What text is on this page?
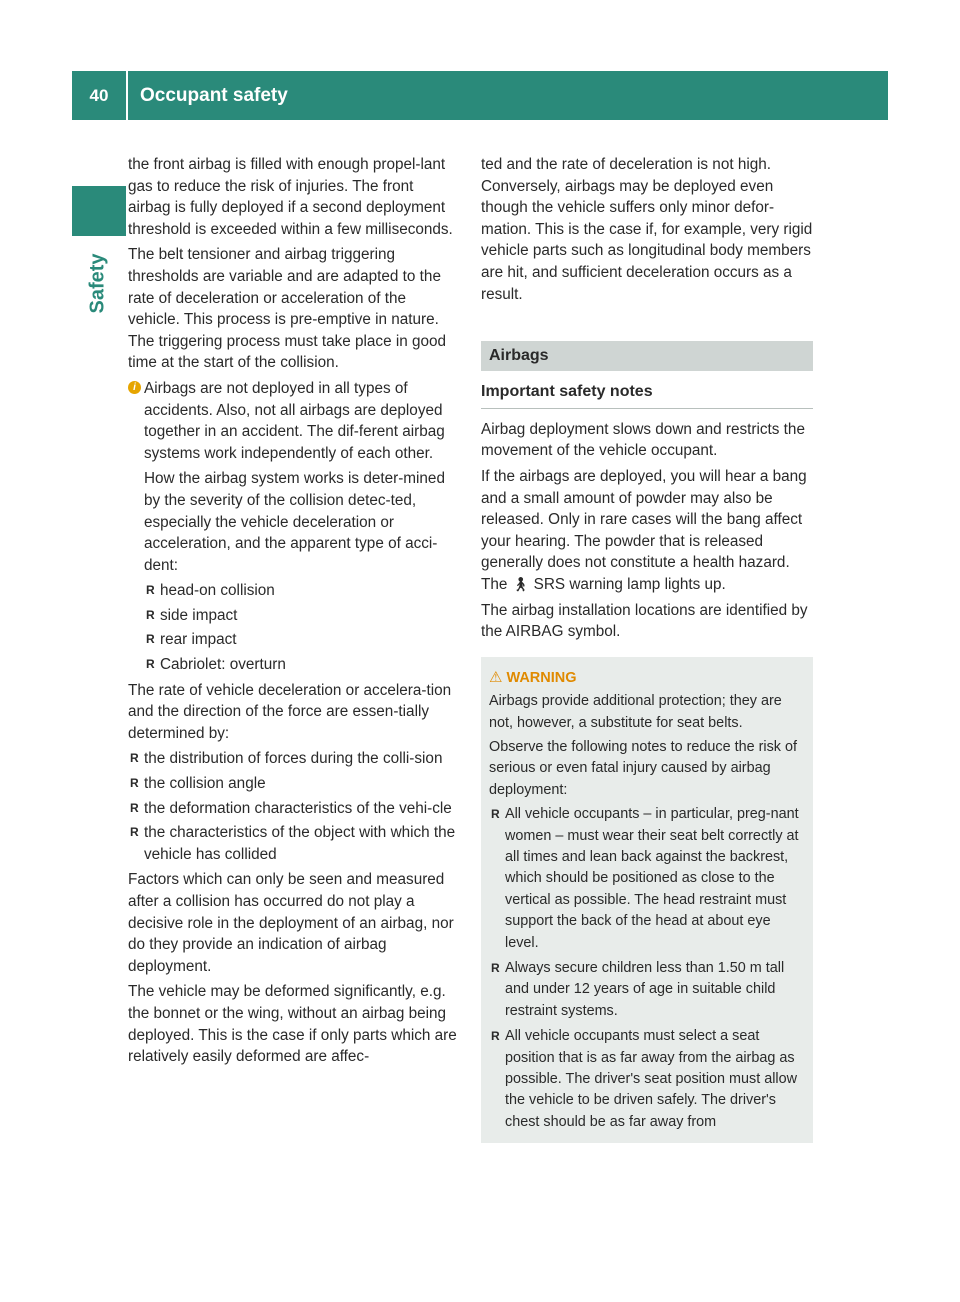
40	Occupant safety
Safety

the front airbag is filled with enough propel-lant gas to reduce the risk of injuries. The front airbag is fully deployed if a second deployment threshold is exceeded within a few milliseconds.

The belt tensioner and airbag triggering thresholds are variable and are adapted to the rate of deceleration or acceleration of the vehicle. This process is pre-emptive in nature. The triggering process must take place in good time at the start of the collision.

i Airbags are not deployed in all types of accidents. Also, not all airbags are deployed together in an accident. The dif-ferent airbag systems work independently of each other.

How the airbag system works is deter-mined by the severity of the collision detec-ted, especially the vehicle deceleration or acceleration, and the apparent type of acci-dent:

R head-on collision
R side impact
R rear impact
R Cabriolet: overturn

The rate of vehicle deceleration or accelera-tion and the direction of the force are essen-tially determined by:

R the distribution of forces during the colli-sion
R the collision angle
R the deformation characteristics of the vehi-cle
R the characteristics of the object with which the vehicle has collided

Factors which can only be seen and measured after a collision has occurred do not play a decisive role in the deployment of an airbag, nor do they provide an indication of airbag deployment.

The vehicle may be deformed significantly, e.g. the bonnet or the wing, without an airbag being deployed. This is the case if only parts which are relatively easily deformed are affec-

ted and the rate of deceleration is not high. Conversely, airbags may be deployed even though the vehicle suffers only minor defor-mation. This is the case if, for example, very rigid vehicle parts such as longitudinal body members are hit, and sufficient deceleration occurs as a result.

Airbags
Important safety notes

Airbag deployment slows down and restricts the movement of the vehicle occupant.

If the airbags are deployed, you will hear a bang and a small amount of powder may also be released. Only in rare cases will the bang affect your hearing. The powder that is released generally does not constitute a health hazard. The 🚶︎ SRS warning lamp lights up.

The airbag installation locations are identified by the AIRBAG symbol.

⚠︎ WARNING

Airbags provide additional protection; they are not, however, a substitute for seat belts.

Observe the following notes to reduce the risk of serious or even fatal injury caused by airbag deployment:

R All vehicle occupants – in particular, preg-nant women – must wear their seat belt correctly at all times and lean back against the backrest, which should be positioned as close to the vertical as possible. The head restraint must support the back of the head at about eye level.
R Always secure children less than 1.50 m tall and under 12 years of age in suitable child restraint systems.
R All vehicle occupants must select a seat position that is as far away from the airbag as possible. The driver's seat position must allow the vehicle to be driven safely. The driver's chest should be as far away from
